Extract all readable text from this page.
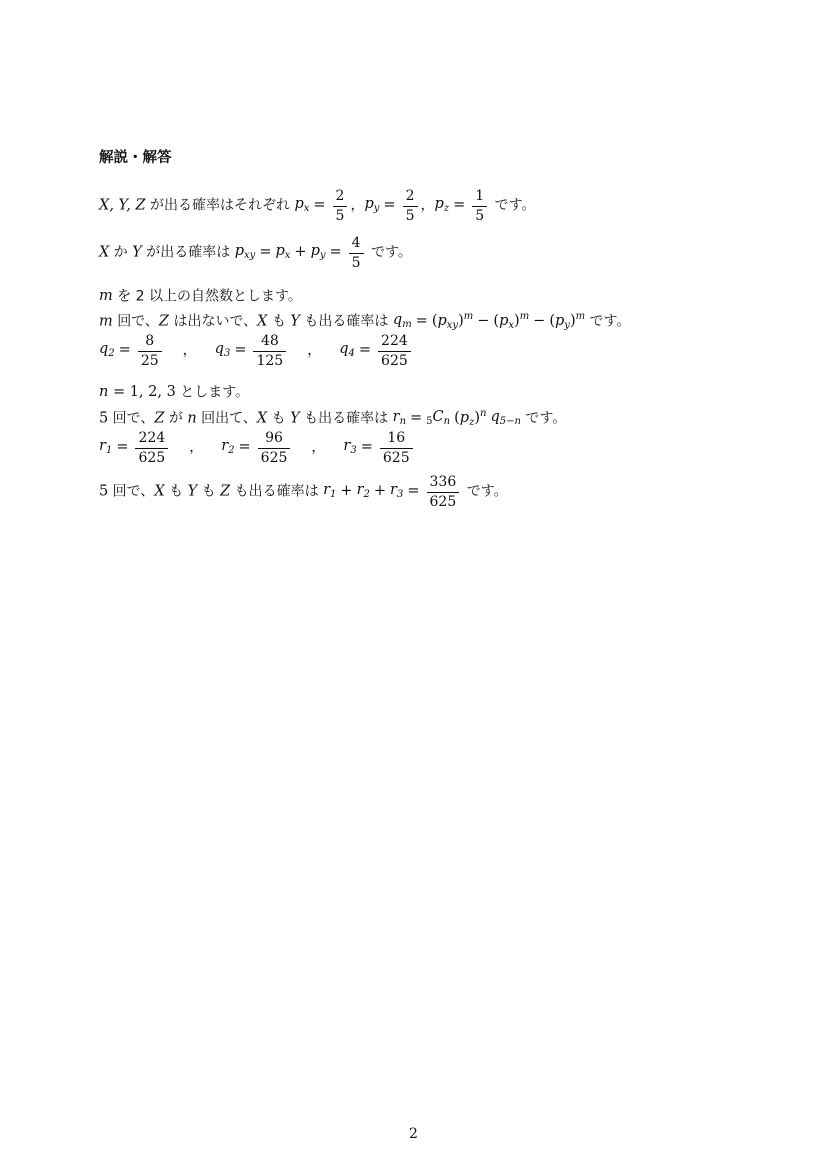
解説・解答
X, Y, Z が出る確率はそれぞれ $p_x = \frac{2}{5}$ ，$p_y = \frac{2}{5}$ ，$p_z = \frac{1}{5}$ です。
X か Y が出る確率は $p_{xy} = p_x + p_y = \frac{4}{5}$ です。
m を 2 以上の自然数とします。
m 回で、Z は出ないで、X も Y も出る確率は $q_m = (p_{xy})^m - (p_x)^m - (p_y)^m$ です。
$q_2 = \frac{8}{25}$ ， $q_3 = \frac{48}{125}$ ， $q_4 = \frac{224}{625}$
n = 1, 2, 3 とします。
5 回で、Z が n 回出て、X も Y も出る確率は $r_n = _5C_n$ $(p_z)^n$ $q_{5-n}$ です。
$r_1 = \frac{224}{625}$ ， $r_2 = \frac{96}{625}$ ， $r_3 = \frac{16}{625}$
5 回で、X も Y も Z も出る確率は $r_1 + r_2 + r_3 = \frac{336}{625}$ です。
2
